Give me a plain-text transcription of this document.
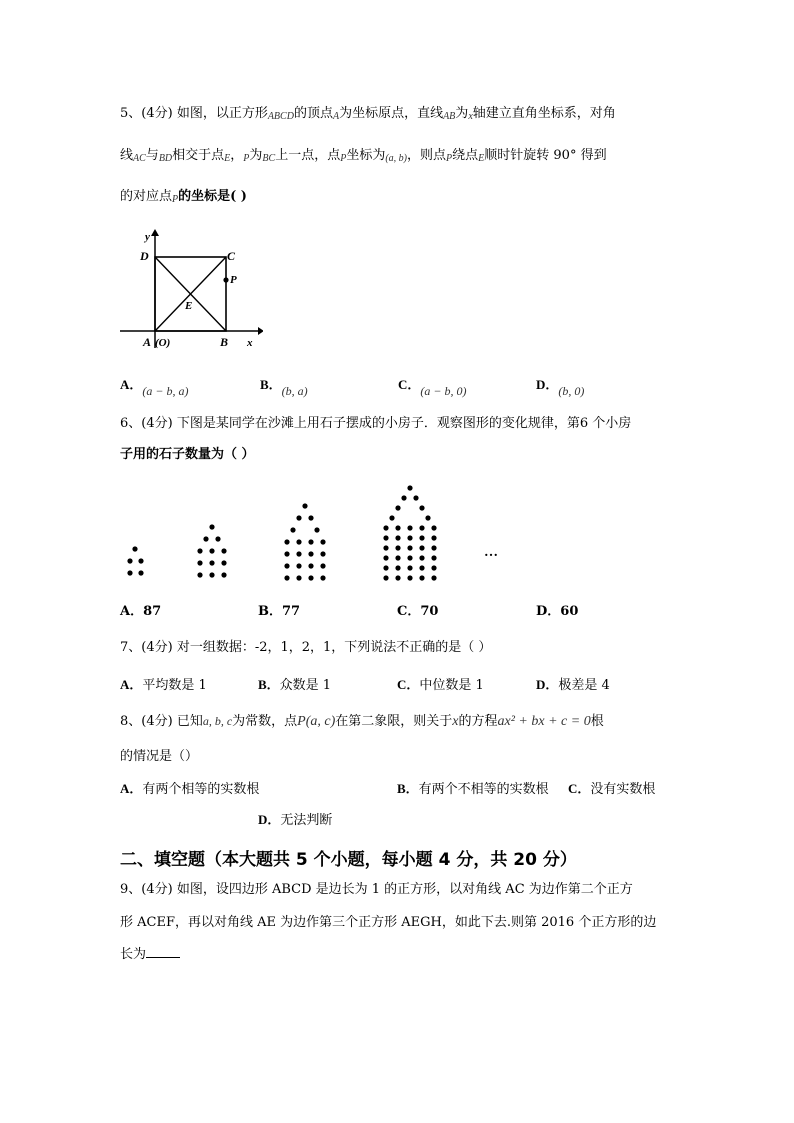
5、(4分) 如图，以正方形ABCD的顶点A为坐标原点，直线AB为x轴建立直角坐标系，对角
线AC与BD相交于点E，P为BC上一点，点P坐标为(a, b)，则点P绕点E顺时针旋转 90° 得到
的对应点P的坐标是( )
y
D	C
P
E
A (O)	B x
A．(a − b, a)	B．(b, a)	C．(a − b, 0)	D．(b, 0)
6、(4分) 下图是某同学在沙滩上用石子摆成的小房子．观察图形的变化规律，第6 个小房
子用的石子数量为（ ）
…
A．87	B．77	C．70	D．60
7、(4分) 对一组数据：-2，1，2，1，下列说法不正确的是（ ）
A．平均数是 1	B．众数是 1	C．中位数是 1	D．极差是 4
8、(4分) 已知a, b, c为常数，点P(a, c)在第二象限，则关于x的方程ax² + bx + c = 0根
的情况是（）
A．有两个相等的实数根	B．有两个不相等的实数根 C．没有实数根
D．无法判断
二、填空题（本大题共 5 个小题，每小题 4 分，共 20 分）
9、(4分) 如图，设四边形 ABCD 是边长为 1 的正方形，以对角线 AC 为边作第二个正方
形 ACEF，再以对角线 AE 为边作第三个正方形 AEGH，如此下去.则第 2016 个正方形的边
长为
